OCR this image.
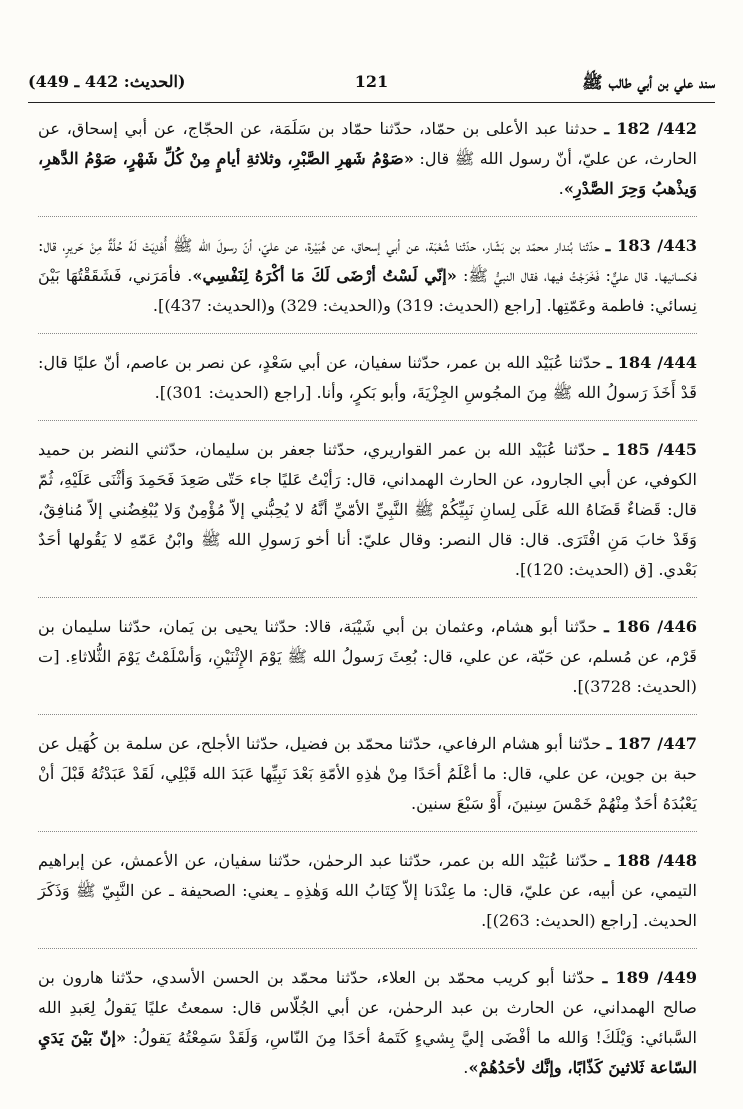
سند علي بن أبي طالب ﷺ
121
(الحديث: 442 ـ 449)

442/ 182 ـ حدثنا عبد الأعلى بن حمّاد، حدّثنا حمّاد بن سَلَمَة، عن الحجّاج، عن أبي إسحاق، عن الحارث، عن عليّ، أنّ رسول الله ﷺ قال: «صَوْمُ شَهرِ الصَّبْرِ، وثلاثةِ أيامٍ مِنْ كُلِّ شَهْرٍ، صَوْمُ الدَّهرِ، وَيذْهبُ وَحِرَ الصَّدْرِ».

443/ 183 ـ حدّثنا بُندار محمّد بن بَشّار، حدّثنا شُعْبَة، عن أبي إسحاق، عن هُبَيْرة، عن عليّ، أنّ رسولَ الله ﷺ أُهْدِيَتْ لَهُ حُلَّةٌ مِنْ حَريرٍ، قال: فكسانيها. قال عليٌّ: فَخَرَجْتُ فيها، فقال النبيُّ ﷺ: «إنّي لَسْتُ أرْضَى لَكَ مَا أكْرَهُ لِنَفْسِي». فأمَرَني، فَشَقَقْتُهَا بَيْنَ نِسائي: فاطمة وعَمّتِها. [راجع (الحديث: 319) و(الحديث: 329) و(الحديث: 437)].

444/ 184 ـ حدّثنا عُبَيْد الله بن عمر، حدّثنا سفيان، عن أبي سَعْدٍ، عن نصر بن عاصم، أنّ عليًا قال: قَدْ أَخَذَ رَسولُ الله ﷺ مِنَ المجُوسِ الجِزْيَةَ، وأبو بَكرٍ، وأنا. [راجع (الحديث: 301)].

445/ 185 ـ حدّثنا عُبَيْد الله بن عمر القواريري، حدّثنا جعفر بن سليمان، حدّثني النضر بن حميد الكوفي، عن أبي الجارود، عن الحارث الهمداني، قال: رَأيْتُ عَليًا جاء حَتّى صَعِدَ فَحَمِدَ وَأثْنَى عَلَيْهِ، ثُمّ قال: قَضاءٌ قَضَاهُ الله عَلَى لِسانِ نَبِيِّكُمْ ﷺ النَّبِيِّ الأمّيِّ أنَّهُ لا يُحِبُّني إلاّ مُؤْمِنٌ وَلا يُبْغِضُني إلاّ مُنافِقٌ، وَقَدْ خابَ مَنِ افْتَرَى. قال: قال النصر: وقال عليّ: أنا أخو رَسولِ الله ﷺ وابْنُ عَمّهِ لا يَقُولها أحَدٌ بَعْدي. [ق (الحديث: 120)].

446/ 186 ـ حدّثنا أبو هشام، وعثمان بن أبي شَيْبَة، قالا: حدّثنا يحيى بن يَمان، حدّثنا سليمان بن قَرْم، عن مُسلم، عن حَبّة، عن علي، قال: بُعِثَ رَسولُ الله ﷺ يَوْمَ الإِثْنَيْنِ، وَأسْلَمْتُ يَوْمَ الثُّلاثاءِ. [ت (الحديث: 3728)].

447/ 187 ـ حدّثنا أبو هشام الرفاعي، حدّثنا محمّد بن فضيل، حدّثنا الأجلح، عن سلمة بن كُهَيل عن حبة بن جوين، عن علي، قال: ما أعْلَمُ أحَدًا مِنْ هٰذِهِ الأمّةِ بَعْدَ نَبِيِّها عَبَدَ الله قَبْلِي، لَقَدْ عَبَدْتُهُ قَبْلَ أنْ يَعْبُدَهُ أحَدٌ مِنْهُمْ خَمْسَ سِنينَ، أَوْ سَبْعَ سنين.

448/ 188 ـ حدّثنا عُبَيْد الله بن عمر، حدّثنا عبد الرحمٰن، حدّثنا سفيان، عن الأعمش، عن إبراهيم التيمي، عن أبيه، عن عليّ، قال: ما عِنْدَنا إلاّ كِتَابُ الله وَهٰذِهِ ـ يعني: الصحيفة ـ عن النَّبِيّ ﷺ وَذَكَرَ الحديث. [راجع (الحديث: 263)].

449/ 189 ـ حدّثنا أبو كريب محمّد بن العلاء، حدّثنا محمّد بن الحسن الأسدي، حدّثنا هارون بن صالح الهمداني، عن الحارث بن عبد الرحمٰن، عن أبي الجُلّاس قال: سمعتُ عليًا يَقولُ لِعَبدِ الله السَّبائي: وَيْلَكَ! وَالله ما أفْضَى إليَّ بِشيءٍ كَتَمهُ أحَدًا مِنَ النّاسِ، وَلَقَدْ سَمِعْتُهُ يَقولُ: «إنّ بَيْنَ يَدَيِ السّاعة ثَلاثينَ كَذّابًا، وإنَّك لأحَدُهُمْ».
